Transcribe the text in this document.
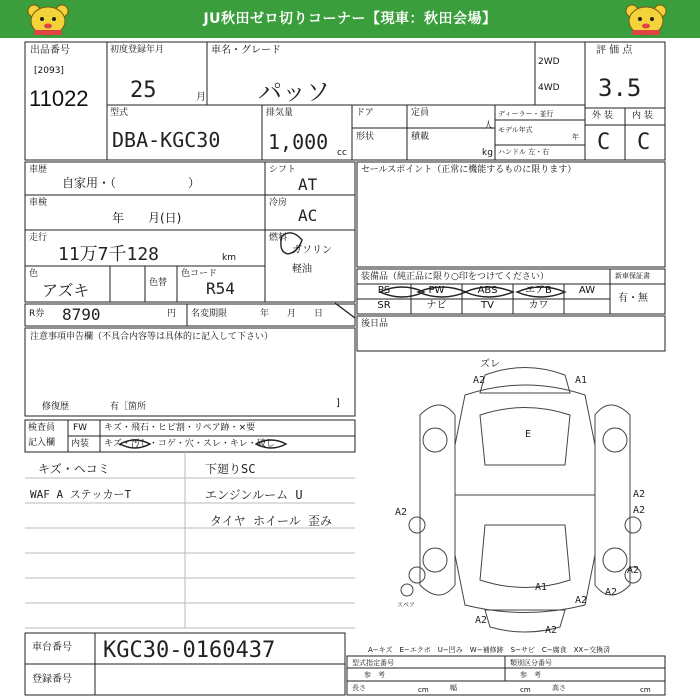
JU秋田ゼロ切りコーナー【現車：秋田会場】
出品番号
[2093]
11022
初度登録年月
25	月
車名・グレード
パッソ
2WD
4WD
評 価 点
3.5
外 装 内 装
C C
型式
DBA-KGC30
排気量
1,000 cc
ドア	定員
人
形状	積載
kg
ディーラー・並行
モデル年式
年
ハンドル 左・右
車歴
自家用・（　　　　　　）
シフト
AT
車検
年　　月(日)
冷房
AC
走行
11万7千128	km
燃料
ガソリン
軽油
色
アズキ	色替
色コード
R54
R券 8790	円 名変期限	年　　月　　日
セールスポイント（正常に機能するものに限ります）
装備品（純正品に限り○印をつけてください）
PS	PW	ABS	エアB	AW
SR	ナビ	TV	カワ
新車保証書
有・無
後日品
注意事項申告欄（不具合内容等は具体的に記入して下さい）
修復歴	有［箇所	]
検査員
記入欄
FW キズ・飛石・ヒビ割・リペア跡・×要
内装 キズ・汚し・コゲ・穴・スレ・キレ・破し
キズ・ヘコミ
WAF A ステッカーT
下廻りSC
エンジンルーム U
タイヤ ホイール 歪み
ズレ
A2	A1
E
A2
A2
A2
A2
A1
A2
A2
A2
A2
スペア
A−キズ　E−エクボ　U−凹み　W−補修跡　S−サビ　C−腐食　XX−交換済
車台番号 KGC30-0160437
登録番号
型式指定番号	類別区分番号
参　考	参　考
長さ	cm	幅	cm	高さ	cm
